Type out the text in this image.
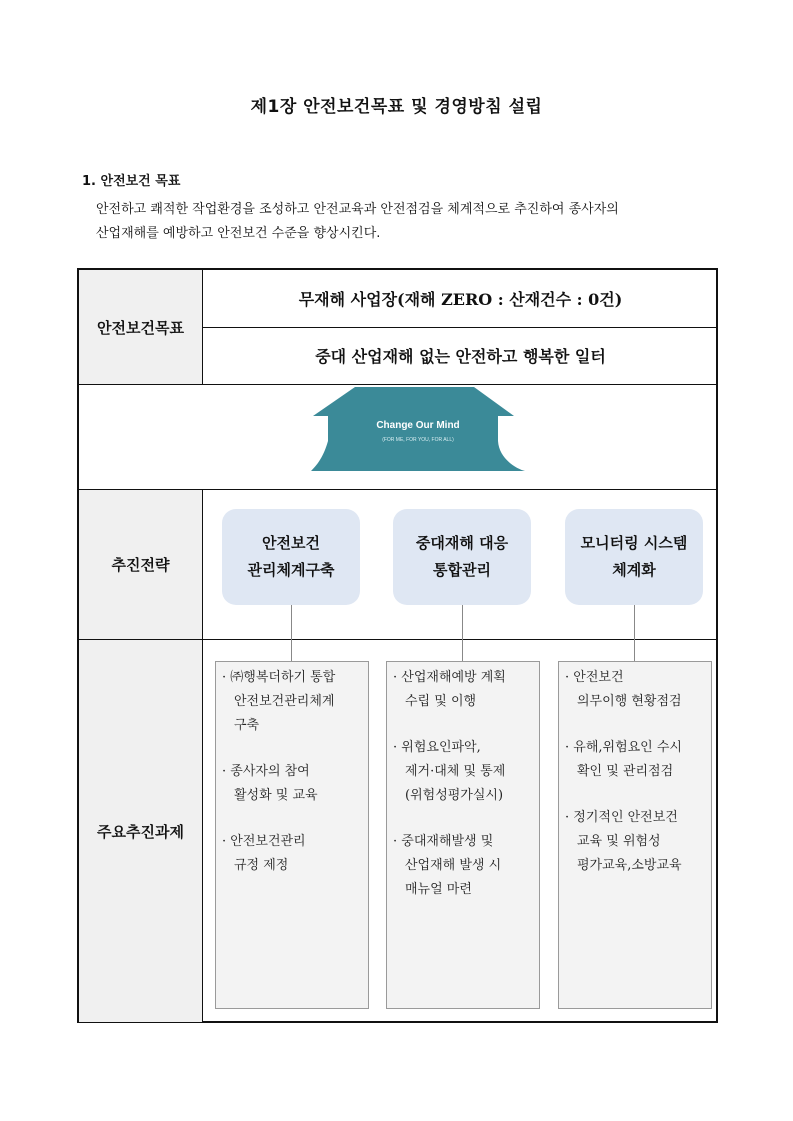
제1장 안전보건목표 및 경영방침 설립
1. 안전보건 목표
안전하고 쾌적한 작업환경을 조성하고 안전교육과 안전점검을 체계적으로 추진하여 종사자의
산업재해를 예방하고 안전보건 수준을 향상시킨다.
안전보건목표
무재해 사업장(재해 ZERO : 산재건수 : 0건)
중대 산업재해 없는 안전하고 행복한 일터
Change Our Mind
(FOR ME, FOR YOU, FOR ALL)
추진전략
안전보건
관리체계구축
중대재해 대응
통합관리
모니터링 시스템
체계화
주요추진과제

· ㈜행복더하기 통합

안전보건관리체계

구축

· 종사자의 참여

활성화 및 교육

· 안전보건관리

규정 제정

· 산업재해예방 계획

수립 및 이행

· 위험요인파악,

제거·대체 및 통제

(위험성평가실시)

· 중대재해발생 및

산업재해 발생 시

매뉴얼 마련

· 안전보건

의무이행 현황점검

· 유해,위험요인 수시

확인 및 관리점검

· 정기적인 안전보건

교육 및 위험성

평가교육,소방교육
